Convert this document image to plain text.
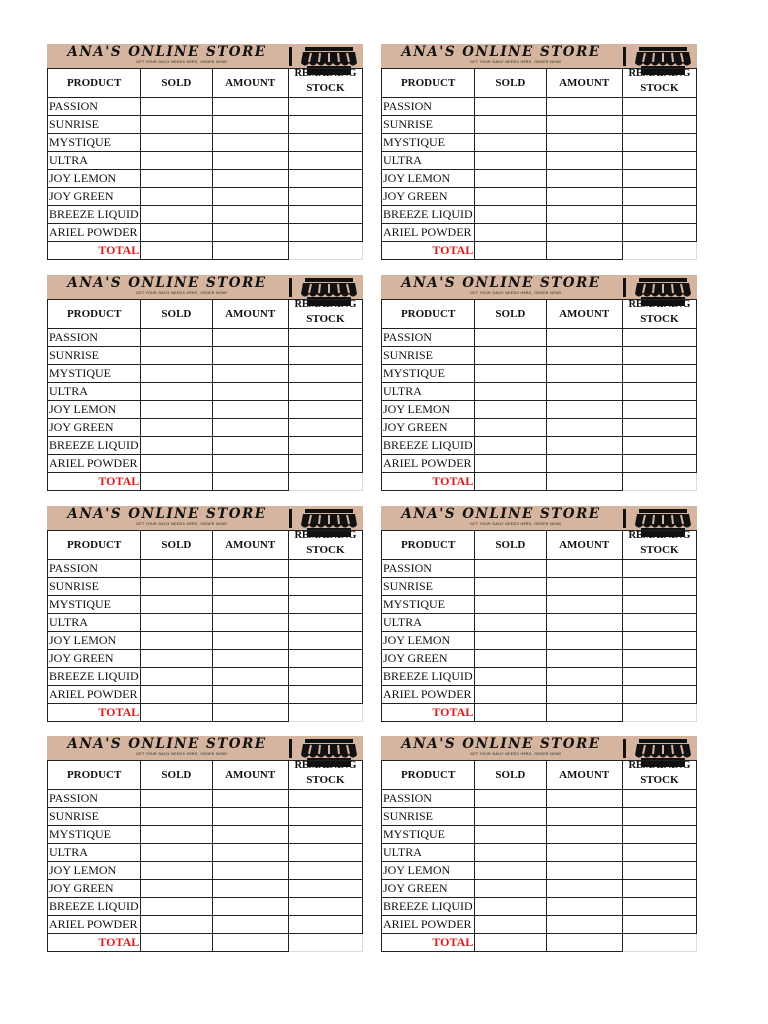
ANA'S ONLINE STORE
GET YOUR DAILY NEEDS HERE, ORDER NOW!
PRODUCT	SOLD	AMOUNT	REMAINING
STOCK

PASSION			
SUNRISE			
MYSTIQUE			
ULTRA			
JOY LEMON			
JOY GREEN			
BREEZE LIQUID			
ARIEL POWDER			
TOTAL			
ANA'S ONLINE STORE
GET YOUR DAILY NEEDS HERE, ORDER NOW!
PRODUCT	SOLD	AMOUNT	REMAINING
STOCK

PASSION			
SUNRISE			
MYSTIQUE			
ULTRA			
JOY LEMON			
JOY GREEN			
BREEZE LIQUID			
ARIEL POWDER			
TOTAL			
ANA'S ONLINE STORE
GET YOUR DAILY NEEDS HERE, ORDER NOW!
PRODUCT	SOLD	AMOUNT	REMAINING
STOCK

PASSION			
SUNRISE			
MYSTIQUE			
ULTRA			
JOY LEMON			
JOY GREEN			
BREEZE LIQUID			
ARIEL POWDER			
TOTAL			
ANA'S ONLINE STORE
GET YOUR DAILY NEEDS HERE, ORDER NOW!
PRODUCT	SOLD	AMOUNT	REMAINING
STOCK

PASSION			
SUNRISE			
MYSTIQUE			
ULTRA			
JOY LEMON			
JOY GREEN			
BREEZE LIQUID			
ARIEL POWDER			
TOTAL			
ANA'S ONLINE STORE
GET YOUR DAILY NEEDS HERE, ORDER NOW!
PRODUCT	SOLD	AMOUNT	REMAINING
STOCK

PASSION			
SUNRISE			
MYSTIQUE			
ULTRA			
JOY LEMON			
JOY GREEN			
BREEZE LIQUID			
ARIEL POWDER			
TOTAL			
ANA'S ONLINE STORE
GET YOUR DAILY NEEDS HERE, ORDER NOW!
PRODUCT	SOLD	AMOUNT	REMAINING
STOCK

PASSION			
SUNRISE			
MYSTIQUE			
ULTRA			
JOY LEMON			
JOY GREEN			
BREEZE LIQUID			
ARIEL POWDER			
TOTAL			
ANA'S ONLINE STORE
GET YOUR DAILY NEEDS HERE, ORDER NOW!
PRODUCT	SOLD	AMOUNT	REMAINING
STOCK

PASSION			
SUNRISE			
MYSTIQUE			
ULTRA			
JOY LEMON			
JOY GREEN			
BREEZE LIQUID			
ARIEL POWDER			
TOTAL			
ANA'S ONLINE STORE
GET YOUR DAILY NEEDS HERE, ORDER NOW!
PRODUCT	SOLD	AMOUNT	REMAINING
STOCK

PASSION			
SUNRISE			
MYSTIQUE			
ULTRA			
JOY LEMON			
JOY GREEN			
BREEZE LIQUID			
ARIEL POWDER			
TOTAL			
